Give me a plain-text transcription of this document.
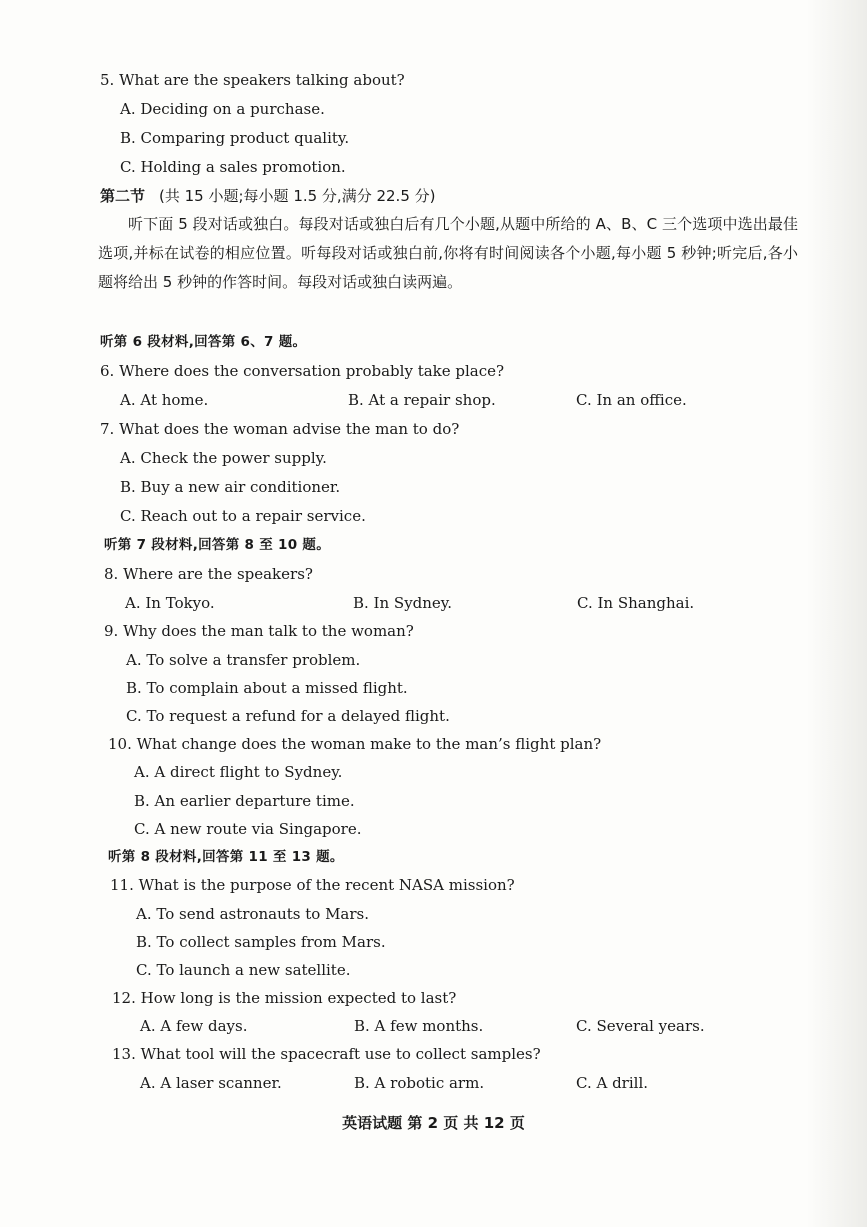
5. What are the speakers talking about?
A. Deciding on a purchase.
B. Comparing product quality.
C. Holding a sales promotion.
第二节 (共 15 小题;每小题 1.5 分,满分 22.5 分)
听下面 5 段对话或独白。每段对话或独白后有几个小题,从题中所给的 A、B、C 三个选项中选出最佳选项,并标在试卷的相应位置。听每段对话或独白前,你将有时间阅读各个小题,每小题 5 秒钟;听完后,各小题将给出 5 秒钟的作答时间。每段对话或独白读两遍。
听第 6 段材料,回答第 6、7 题。
6. Where does the conversation probably take place?
A. At home.	B. At a repair shop.	C. In an office.
7. What does the woman advise the man to do?
A. Check the power supply.
B. Buy a new air conditioner.
C. Reach out to a repair service.
听第 7 段材料,回答第 8 至 10 题。
8. Where are the speakers?
A. In Tokyo.	B. In Sydney.	C. In Shanghai.
9. Why does the man talk to the woman?
A. To solve a transfer problem.
B. To complain about a missed flight.
C. To request a refund for a delayed flight.
10. What change does the woman make to the man’s flight plan?
A. A direct flight to Sydney.
B. An earlier departure time.
C. A new route via Singapore.
听第 8 段材料,回答第 11 至 13 题。
11. What is the purpose of the recent NASA mission?
A. To send astronauts to Mars.
B. To collect samples from Mars.
C. To launch a new satellite.
12. How long is the mission expected to last?
A. A few days.	B. A few months.	C. Several years.
13. What tool will the spacecraft use to collect samples?
A. A laser scanner.	B. A robotic arm.	C. A drill.
英语试题 第 2 页 共 12 页
